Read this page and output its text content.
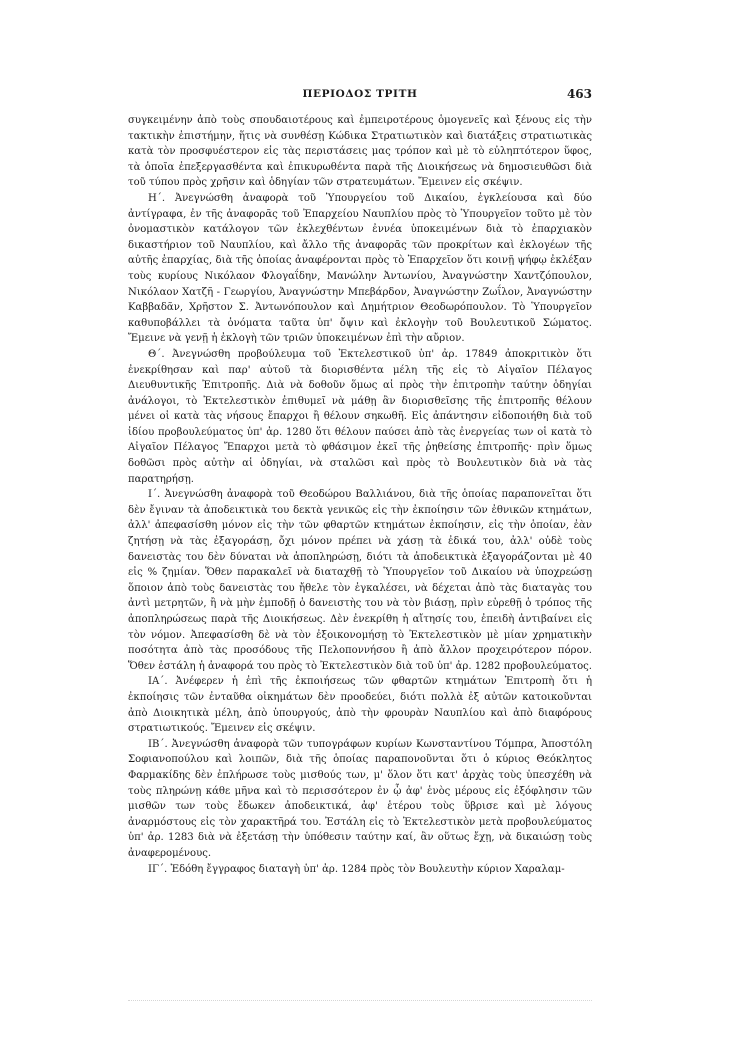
ΠΕΡΙΟΔΟΣ ΤΡΙΤΗ	463

συγκειμένην ἀπὸ τοὺς σπουδαιοτέρους καὶ ἐμπειροτέρους ὁμογενεῖς καὶ ξένους εἰς τὴν τακτικὴν ἐπιστήμην, ἥτις νὰ συνθέσῃ Κώδικα Στρατιωτικὸν καὶ διατάξεις στρατιωτικὰς κατὰ τὸν προσφυέστερον εἰς τὰς περιστάσεις μας τρόπον καὶ μὲ τὸ εὐληπτότερον ὕφος, τὰ ὁποῖα ἐπεξεργασθέντα καὶ ἐπικυρωθέντα παρὰ τῆς Διοικήσεως νὰ δημοσιευθῶσι διὰ τοῦ τύπου πρὸς χρῆσιν καὶ ὁδηγίαν τῶν στρατευμάτων. Ἔμεινεν εἰς σκέψιν.

Η΄. Ἀνεγνώσθη ἀναφορὰ τοῦ Ὑπουργείου τοῦ Δικαίου, ἐγκλείουσα καὶ δύο ἀντίγραφα, ἐν τῆς ἀναφορᾶς τοῦ Ἐπαρχείου Ναυπλίου πρὸς τὸ Ὑπουργεῖον τοῦτο μὲ τὸν ὀνομαστικὸν κατάλογον τῶν ἐκλεχθέντων ἐννέα ὑποκειμένων διὰ τὸ ἐπαρχιακὸν δικαστήριον τοῦ Ναυπλίου, καὶ ἄλλο τῆς ἀναφορᾶς τῶν προκρίτων καὶ ἐκλογέων τῆς αὐτῆς ἐπαρχίας, διὰ τῆς ὁποίας ἀναφέρονται πρὸς τὸ Ἐπαρχεῖον ὅτι κοινῇ ψήφῳ ἐκλέξαν τοὺς κυρίους Νικόλαον Φλογαΐδην, Μανώλην Ἀντωνίου, Ἀναγνώστην Χαντζόπουλον, Νικόλαον Χατζῆ - Γεωργίου, Ἀναγνώστην Μπεβάρδον, Ἀναγνώστην Ζωΐλον, Ἀναγνώστην Καββαδᾶν, Χρῆστον Σ. Ἀντωνόπουλον καὶ Δημήτριον Θεοδωρόπουλον. Τὸ Ὑπουργεῖον καθυποβάλλει τὰ ὀνόματα ταῦτα ὑπ' ὄψιν καὶ ἐκλογὴν τοῦ Βουλευτικοῦ Σώματος. Ἔμεινε νὰ γενῇ ἡ ἐκλογὴ τῶν τριῶν ὑποκειμένων ἐπὶ τὴν αὔριον.

Θ΄. Ἀνεγνώσθη προβούλευμα τοῦ Ἐκτελεστικοῦ ὑπ' ἀρ. 17849 ἀποκριτικὸν ὅτι ἐνεκρίθησαν καὶ παρ' αὐτοῦ τὰ διορισθέντα μέλη τῆς εἰς τὸ Αἰγαῖον Πέλαγος Διευθυντικῆς Ἐπιτροπῆς. Διὰ νὰ δοθοῦν ὅμως αἱ πρὸς τὴν ἐπιτροπὴν ταύτην ὁδηγίαι ἀνάλογοι, τὸ Ἐκτελεστικὸν ἐπιθυμεῖ νὰ μάθῃ ἂν διορισθεῖσης τῆς ἐπιτροπῆς θέλουν μένει οἱ κατὰ τὰς νήσους ἔπαρχοι ἢ θέλουν σηκωθῆ. Εἰς ἀπάντησιν εἰδοποιήθη διὰ τοῦ ἰδίου προβουλεύματος ὑπ' ἀρ. 1280 ὅτι θέλουν παύσει ἀπὸ τὰς ἐνεργείας των οἱ κατὰ τὸ Αἰγαῖον Πέλαγος Ἔπαρχοι μετὰ τὸ φθάσιμον ἐκεῖ τῆς ῥηθείσης ἐπιτροπῆς· πρὶν ὅμως δοθῶσι πρὸς αὐτὴν αἱ ὁδηγίαι, νὰ σταλῶσι καὶ πρὸς τὸ Βουλευτικὸν διὰ νὰ τὰς παρατηρήσῃ.

Ι΄. Ἀνεγνώσθη ἀναφορὰ τοῦ Θεοδώρου Βαλλιάνου, διὰ τῆς ὁποίας παραπονεῖται ὅτι δὲν ἔγιναν τὰ ἀποδεικτικὰ του δεκτὰ γενικῶς εἰς τὴν ἐκποίησιν τῶν ἐθνικῶν κτημάτων, ἀλλ' ἀπεφασίσθη μόνον εἰς τὴν τῶν φθαρτῶν κτημάτων ἐκποίησιν, εἰς τὴν ὁποίαν, ἐὰν ζητήσῃ νὰ τὰς ἐξαγοράσῃ, ὄχι μόνον πρέπει νὰ χάσῃ τὰ ἐδικά του, ἀλλ' οὐδὲ τοὺς δανειστὰς του δὲν δύναται νὰ ἀποπληρώσῃ, διότι τὰ ἀποδεικτικὰ ἐξαγοράζονται μὲ 40 εἰς % ζημίαν. Ὅθεν παρακαλεῖ νὰ διαταχθῇ τὸ Ὑπουργεῖον τοῦ Δικαίου νὰ ὑποχρεώσῃ ὅποιον ἀπὸ τοὺς δανειστὰς του ἤθελε τὸν ἐγκαλέσει, νὰ δέχεται ἀπὸ τὰς διαταγὰς του ἀντὶ μετρητῶν, ἢ νὰ μὴν ἐμποδῇ ὁ δανειστὴς του νὰ τὸν βιάσῃ, πρὶν εὑρεθῇ ὁ τρόπος τῆς ἀποπληρώσεως παρὰ τῆς Διοικήσεως. Δὲν ἐνεκρίθη ἡ αἴτησίς του, ἐπειδὴ ἀντιβαίνει εἰς τὸν νόμον. Ἀπεφασίσθη δὲ νὰ τὸν ἐξοικονομήσῃ τὸ Ἐκτελεστικὸν μὲ μίαν χρηματικὴν ποσότητα ἀπὸ τὰς προσόδους τῆς Πελοποννήσου ἢ ἀπὸ ἄλλον προχειρότερον πόρον. Ὅθεν ἐστάλη ἡ ἀναφορά του πρὸς τὸ Ἐκτελεστικὸν διὰ τοῦ ὑπ' ἀρ. 1282 προβουλεύματος.

ΙΑ΄. Ἀνέφερεν ἡ ἐπὶ τῆς ἐκποιήσεως τῶν φθαρτῶν κτημάτων Ἐπιτροπὴ ὅτι ἡ ἐκποίησις τῶν ἐνταῦθα οἰκημάτων δὲν προοδεύει, διότι πολλὰ ἐξ αὐτῶν κατοικοῦνται ἀπὸ Διοικητικὰ μέλη, ἀπὸ ὑπουργούς, ἀπὸ τὴν φρουρὰν Ναυπλίου καὶ ἀπὸ διαφόρους στρατιωτικούς. Ἔμεινεν εἰς σκέψιν.

ΙΒ΄. Ἀνεγνώσθη ἀναφορὰ τῶν τυπογράφων κυρίων Κωνσταντίνου Τόμπρα, Ἀποστόλη Σοφιανοπούλου καὶ λοιπῶν, διὰ τῆς ὁποίας παραπονοῦνται ὅτι ὁ κύριος Θεόκλητος Φαρμακίδης δὲν ἐπλήρωσε τοὺς μισθούς των, μ' ὅλον ὅτι κατ' ἀρχὰς τοὺς ὑπεσχέθη νὰ τοὺς πληρώνῃ κάθε μῆνα καὶ τὸ περισσότερον ἐν ᾧ ἀφ' ἑνὸς μέρους εἰς ἐξόφλησιν τῶν μισθῶν των τοὺς ἔδωκεν ἀποδεικτικά, ἀφ' ἑτέρου τοὺς ὕβρισε καὶ μὲ λόγους ἀναρμόστους εἰς τὸν χαρακτῆρά του. Ἐστάλη εἰς τὸ Ἐκτελεστικὸν μετὰ προβουλεύματος ὑπ' ἀρ. 1283 διὰ νὰ ἐξετάσῃ τὴν ὑπόθεσιν ταύτην καί, ἂν οὕτως ἔχῃ, νὰ δικαιώσῃ τοὺς ἀναφερομένους.

ΙΓ΄. Ἐδόθη ἔγγραφος διαταγὴ ὑπ' ἀρ. 1284 πρὸς τὸν Βουλευτὴν κύριον Χαραλαμ-
